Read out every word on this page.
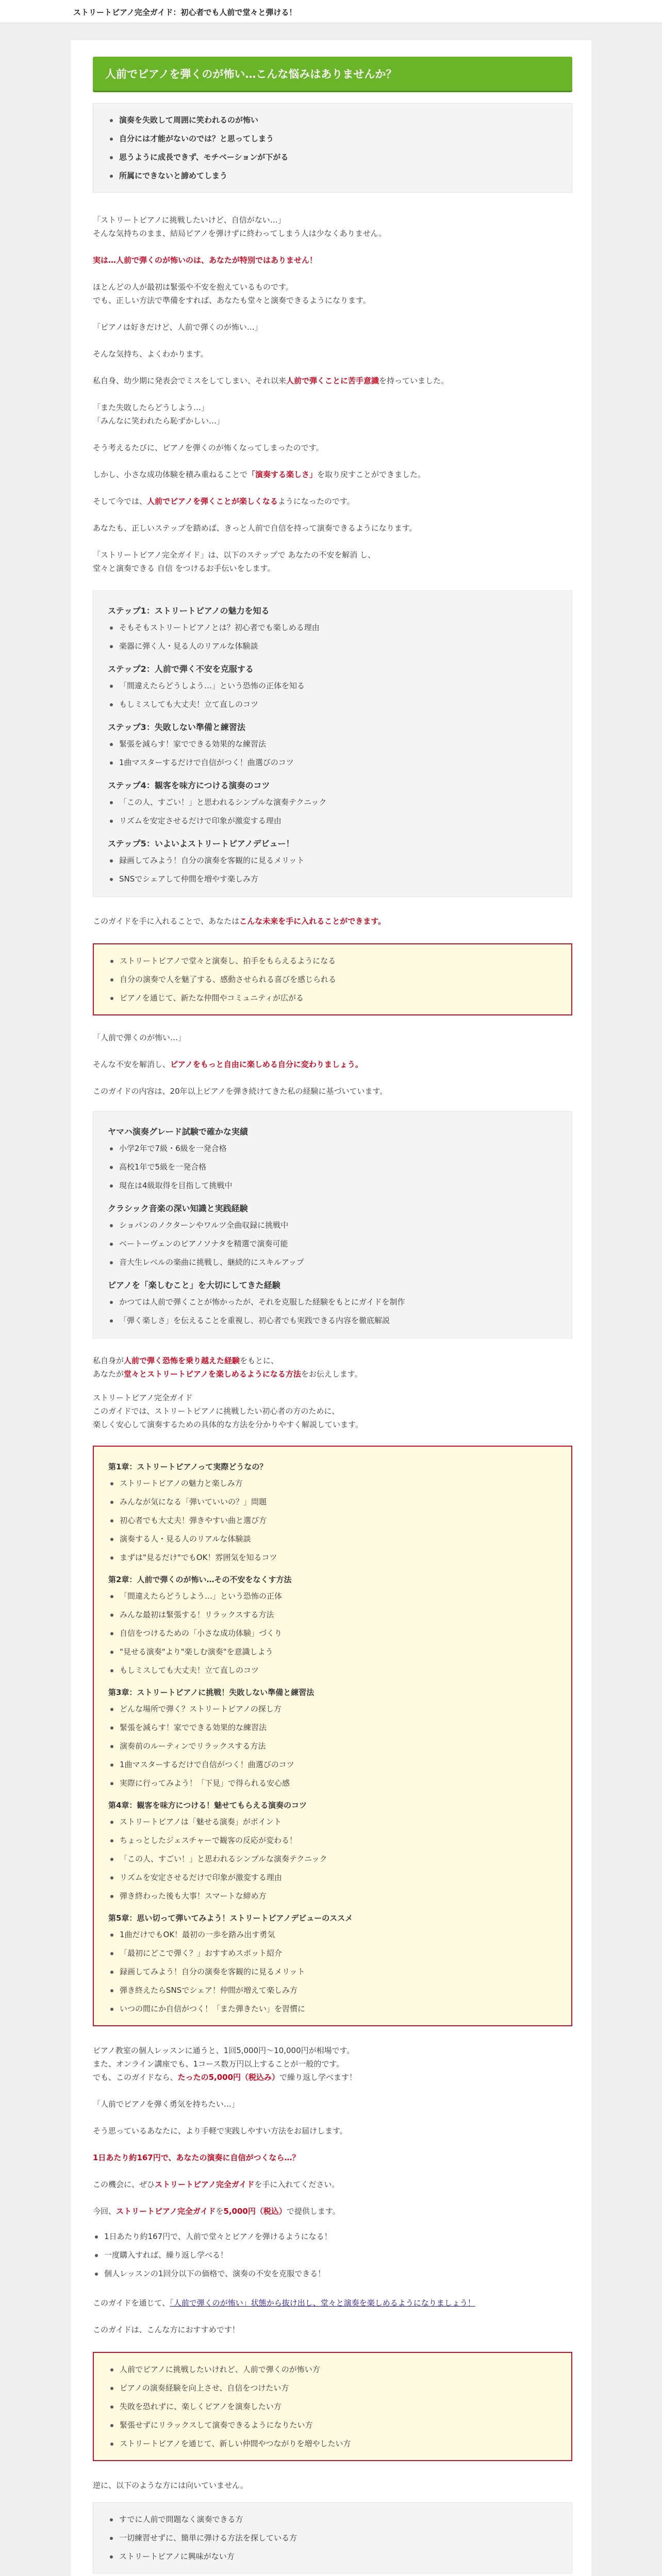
ストリートピアノ完全ガイド：初心者でも人前で堂々と弾ける！
人前でピアノを弾くのが怖い…こんな悩みはありませんか？
演奏を失敗して周囲に笑われるのが怖い
自分には才能がないのでは？と思ってしまう
思うように成長できず、モチベーションが下がる
所属にできないと諦めてしまう

「ストリートピアノに挑戦したいけど、自信がない…」
そんな気持ちのまま、結局ピアノを弾けずに終わってしまう人は少なくありません。

実は…人前で弾くのが怖いのは、あなたが特別ではありません！

ほとんどの人が最初は緊張や不安を抱えているものです。
でも、正しい方法で準備をすれば、あなたも堂々と演奏できるようになります。

「ピアノは好きだけど、人前で弾くのが怖い…」

そんな気持ち、よくわかります。

私自身、幼少期に発表会でミスをしてしまい、それ以来人前で弾くことに苦手意識を持っていました。

「また失敗したらどうしよう…」
「みんなに笑われたら恥ずかしい…」

そう考えるたびに、ピアノを弾くのが怖くなってしまったのです。

しかし、小さな成功体験を積み重ねることで「演奏する楽しさ」を取り戻すことができました。

そして今では、人前でピアノを弾くことが楽しくなるようになったのです。

あなたも、正しいステップを踏めば、きっと人前で自信を持って演奏できるようになります。

「ストリートピアノ完全ガイド」は、以下のステップで あなたの不安を解消 し、
堂々と演奏できる 自信 をつけるお手伝いをします。

ステップ1：ストリートピアノの魅力を知る
そもそもストリートピアノとは？初心者でも楽しめる理由
楽器に弾く人・見る人のリアルな体験談
ステップ2：人前で弾く不安を克服する
「間違えたらどうしよう…」という恐怖の正体を知る
もしミスしても大丈夫！立て直しのコツ
ステップ3：失敗しない準備と練習法
緊張を減らす！家でできる効果的な練習法
1曲マスターするだけで自信がつく！曲選びのコツ
ステップ4：観客を味方につける演奏のコツ
「この人、すごい！」と思われるシンプルな演奏テクニック
リズムを安定させるだけで印象が激変する理由
ステップ5：いよいよストリートピアノデビュー！
録画してみよう！自分の演奏を客観的に見るメリット
SNSでシェアして仲間を増やす楽しみ方

このガイドを手に入れることで、あなたはこんな未来を手に入れることができます。

ストリートピアノで堂々と演奏し、拍手をもらえるようになる
自分の演奏で人を魅了する、感動させられる喜びを感じられる
ピアノを通じて、新たな仲間やコミュニティが広がる

「人前で弾くのが怖い…」

そんな不安を解消し、ピアノをもっと自由に楽しめる自分に変わりましょう。

このガイドの内容は、20年以上ピアノを弾き続けてきた私の経験に基づいています。

ヤマハ演奏グレード試験で確かな実績
小学2年で7級・6級を一発合格
高校1年で5級を一発合格
現在は4級取得を目指して挑戦中
クラシック音楽の深い知識と実践経験
ショパンのノクターンやワルツ全曲収録に挑戦中
ベートーヴェンのピアノソナタを精選で演奏可能
音大生レベルの楽曲に挑戦し、継続的にスキルアップ
ピアノを「楽しむこと」を大切にしてきた経験
かつては人前で弾くことが怖かったが、それを克服した経験をもとにガイドを制作
「弾く楽しさ」を伝えることを重視し、初心者でも実践できる内容を徹底解説

私自身が人前で弾く恐怖を乗り越えた経験をもとに、
あなたが堂々とストリートピアノを楽しめるようになる方法をお伝えします。

ストリートピアノ完全ガイド
このガイドでは、ストリートピアノに挑戦したい初心者の方のために、
楽しく安心して演奏するための具体的な方法を分かりやすく解説しています。

第1章：ストリートピアノって実際どうなの？
ストリートピアノの魅力と楽しみ方
みんなが気になる「弾いていいの？」問題
初心者でも大丈夫！弾きやすい曲と選び方
演奏する人・見る人のリアルな体験談
まずは"見るだけ"でもOK！雰囲気を知るコツ
第2章：人前で弾くのが怖い…その不安をなくす方法
「間違えたらどうしよう…」という恐怖の正体
みんな最初は緊張する！リラックスする方法
自信をつけるための「小さな成功体験」づくり
"見せる演奏"より"楽しむ演奏"を意識しよう
もしミスしても大丈夫！立て直しのコツ
第3章：ストリートピアノに挑戦！失敗しない準備と練習法
どんな場所で弾く？ストリートピアノの探し方
緊張を減らす！家でできる効果的な練習法
演奏前のルーティンでリラックスする方法
1曲マスターするだけで自信がつく！曲選びのコツ
実際に行ってみよう！「下見」で得られる安心感
第4章：観客を味方につける！魅せてもらえる演奏のコツ
ストリートピアノは「魅せる演奏」がポイント
ちょっとしたジェスチャーで観客の反応が変わる！
「この人、すごい！」と思われるシンプルな演奏テクニック
リズムを安定させるだけで印象が激変する理由
弾き終わった後も大事！スマートな締め方
第5章：思い切って弾いてみよう！ストリートピアノデビューのススメ
1曲だけでもOK！最初の一歩を踏み出す勇気
「最初にどこで弾く？」おすすめスポット紹介
録画してみよう！自分の演奏を客観的に見るメリット
弾き終えたらSNSでシェア！仲間が増えて楽しみ方
いつの間にか自信がつく！「また弾きたい」を習慣に

ピアノ教室の個人レッスンに通うと、1回5,000円〜10,000円が相場です。
また、オンライン講座でも、1コース数万円以上することが一般的です。

でも、このガイドなら、たったの5,000円（税込み）で繰り返し学べます！

「人前でピアノを弾く勇気を持ちたい…」

そう思っているあなたに、より手軽で実践しやすい方法をお届けします。

1日あたり約167円で、あなたの演奏に自信がつくなら…？

この機会に、ぜひストリートピアノ完全ガイドを手に入れてください。

今回、ストリートピアノ完全ガイドを5,000円（税込）で提供します。

1日あたり約167円で、人前で堂々とピアノを弾けるようになる！
一度購入すれば、繰り返し学べる！
個人レッスンの1回分以下の価格で、演奏の不安を克服できる！

このガイドを通じて、「人前で弾くのが怖い」状態から抜け出し、堂々と演奏を楽しめるようになりましょう！

このガイドは、こんな方におすすめです！

人前でピアノに挑戦したいけれど、人前で弾くのが怖い方
ピアノの演奏経験を向上させ、自信をつけたい方
失敗を恐れずに、楽しくピアノを演奏したい方
緊張せずにリラックスして演奏できるようになりたい方
ストリートピアノを通じて、新しい仲間やつながりを増やしたい方

逆に、以下のような方には向いていません。

すでに人前で問題なく演奏できる方
一切練習せずに、簡単に弾ける方法を探している方
ストリートピアノに興味がない方
